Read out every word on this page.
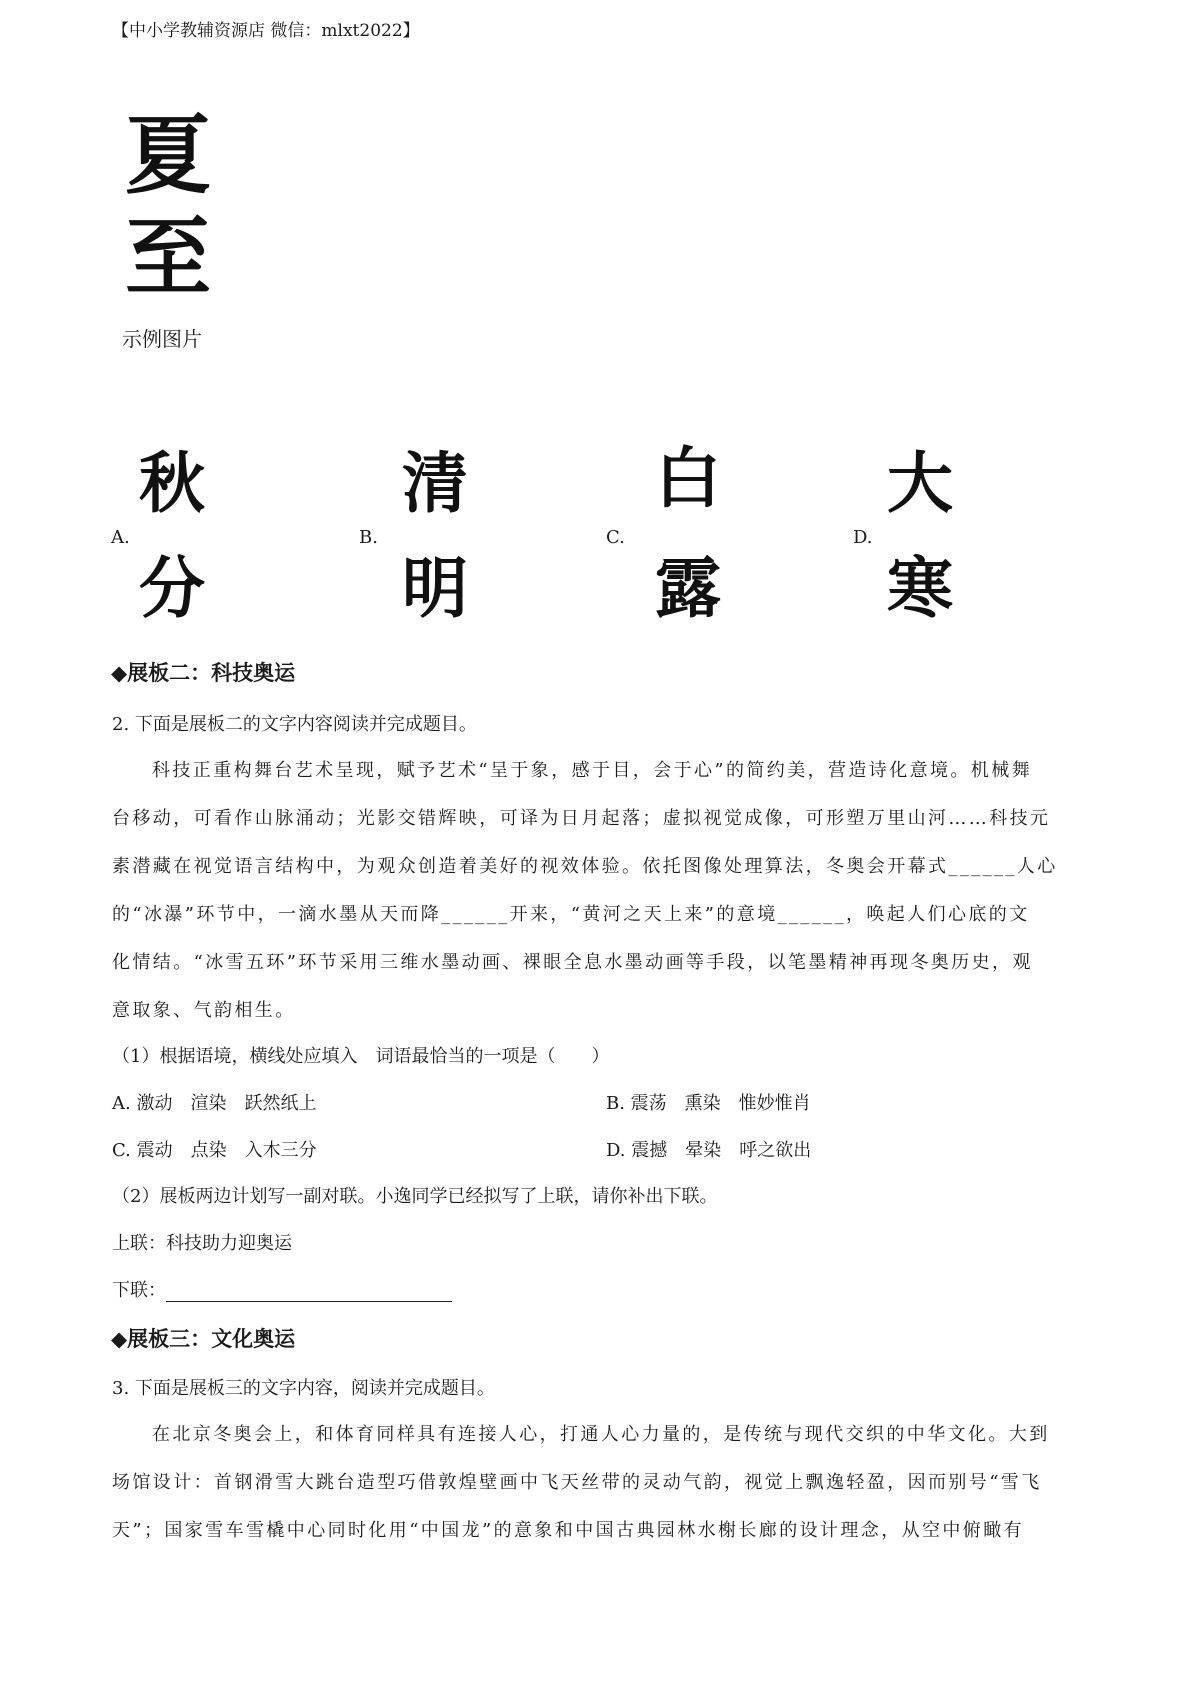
【中小学教辅资源店 微信：mlxt2022】
夏
至
示例图片
A.
秋
分
B.
清
明
C.
白
露
D.
大
寒
◆展板二：科技奥运
2. 下面是展板二的文字内容阅读并完成题目。
科技正重构舞台艺术呈现，赋予艺术“呈于象，感于目，会于心”的简约美，营造诗化意境。机械舞
台移动，可看作山脉涌动；光影交错辉映，可译为日月起落；虚拟视觉成像，可形塑万里山河……科技元
素潜藏在视觉语言结构中，为观众创造着美好的视效体验。依托图像处理算法，冬奥会开幕式______人心
的“冰瀑”环节中，一滴水墨从天而降______开来，“黄河之天上来”的意境______，唤起人们心底的文
化情结。“冰雪五环”环节采用三维水墨动画、裸眼全息水墨动画等手段，以笔墨精神再现冬奥历史，观
意取象、气韵相生。
（1）根据语境，横线处应填入　词语最恰当的一项是（　　）
A. 激动　渲染　跃然纸上	B. 震荡　熏染　惟妙惟肖
C. 震动　点染　入木三分	D. 震撼　晕染　呼之欲出
（2）展板两边计划写一副对联。小逸同学已经拟写了上联，请你补出下联。
上联：科技助力迎奥运
下联：
◆展板三：文化奥运
3. 下面是展板三的文字内容，阅读并完成题目。
在北京冬奥会上，和体育同样具有连接人心，打通人心力量的，是传统与现代交织的中华文化。大到
场馆设计：首钢滑雪大跳台造型巧借敦煌壁画中飞天丝带的灵动气韵，视觉上飘逸轻盈，因而别号“雪飞
天”；国家雪车雪橇中心同时化用“中国龙”的意象和中国古典园林水榭长廊的设计理念，从空中俯瞰有
